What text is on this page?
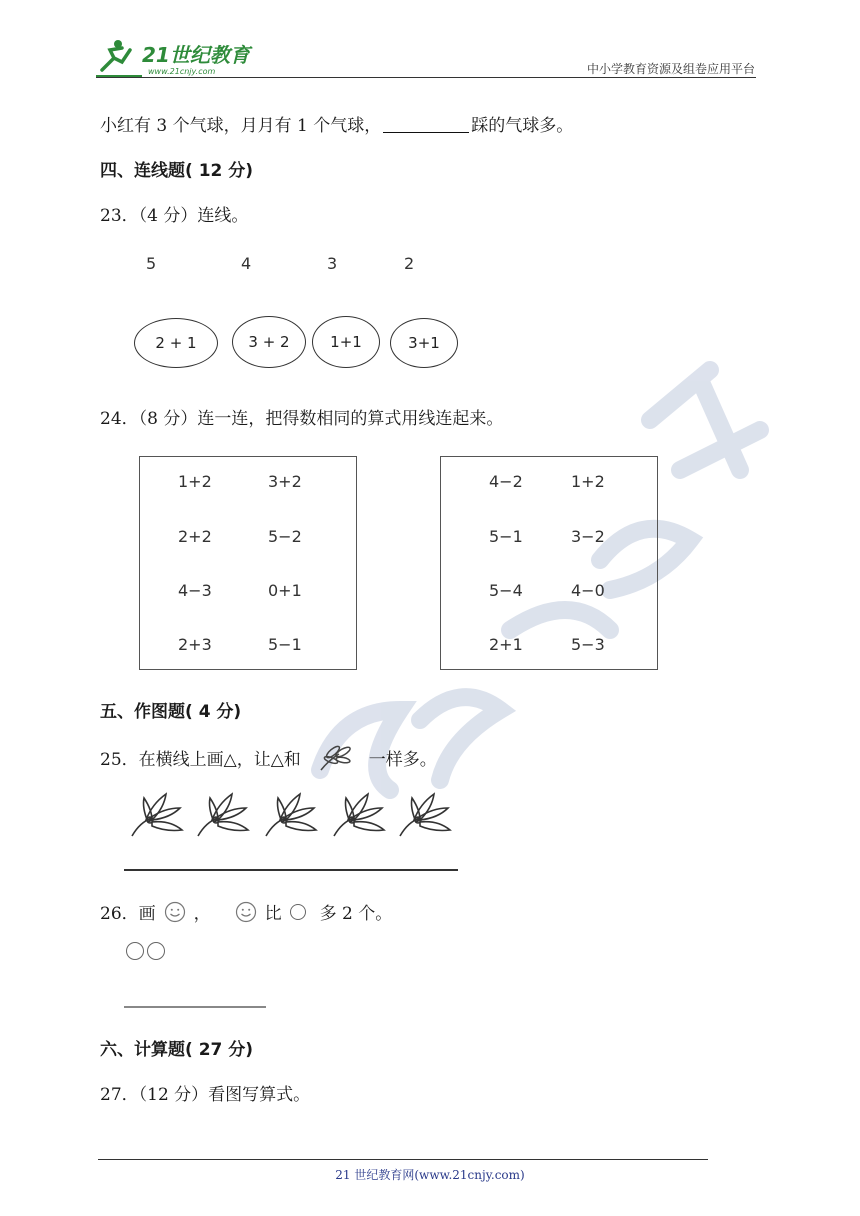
21世纪教育
www.21cnjy.com	中小学教育资源及组卷应用平台
小红有 3 个气球，月月有 1 个气球，	踩的气球多。
四、连线题( 12 分)
23．（4 分）连线。
5	4	3	2
2 + 1	3 + 2	1+1	3+1
24．（8 分）连一连，把得数相同的算式用线连起来。
1+2	3+2
2+2	5−2
4−3	0+1
2+3	5−1
4−2	1+2
5−1	3−2
5−4	4−0
2+1	5−3
五、作图题( 4 分)
25．在横线上画△，让△和	一样多。
26．画 ，	比 多 2 个。
六、计算题( 27 分)
27．（12 分）看图写算式。
21 世纪教育网(www.21cnjy.com)
